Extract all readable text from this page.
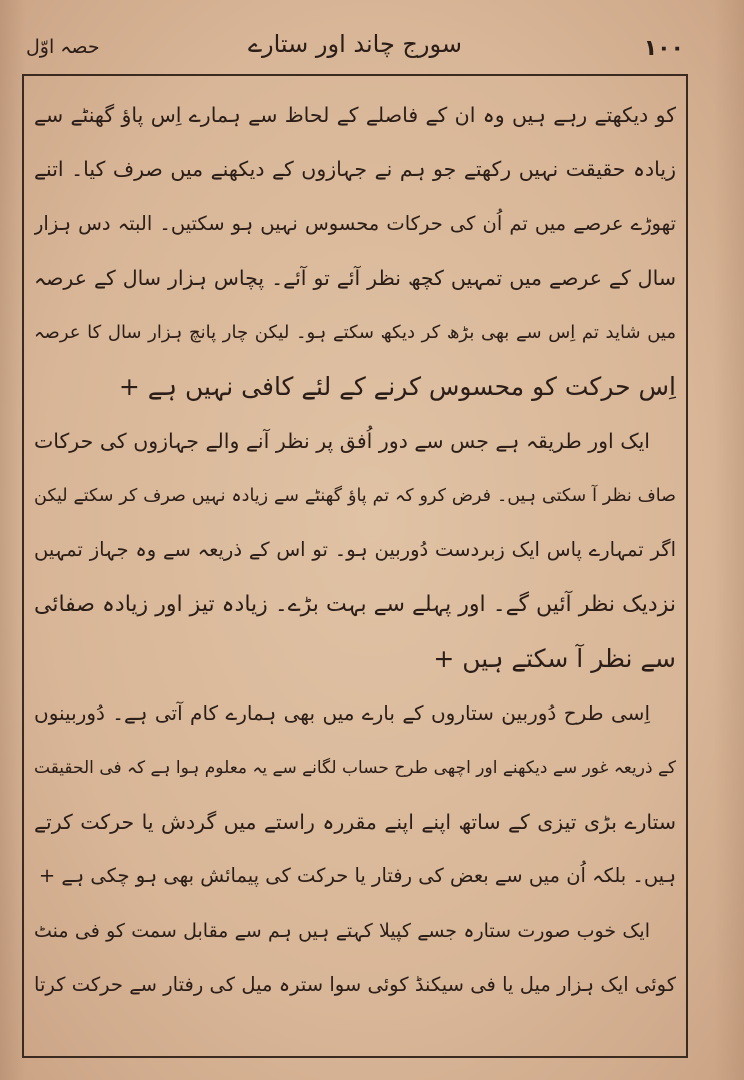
حصہ اوّل	سورج چاند اور ستارے	۱۰۰
کو دیکھتے رہے ہیں وہ ان کے فاصلے کے لحاظ سے ہمارے اِس پاؤ گھنٹے سے
زیادہ حقیقت نہیں رکھتے جو ہم نے جہازوں کے دیکھنے میں صرف کیا۔ اتنے
تھوڑے عرصے میں تم اُن کی حرکات محسوس نہیں ہو سکتیں۔ البتہ دس ہزار
سال کے عرصے میں تمہیں کچھ نظر آئے تو آئے۔ پچاس ہزار سال کے عرصہ
میں شاید تم اِس سے بھی بڑھ کر دیکھ سکتے ہو۔ لیکن چار پانچ ہزار سال کا عرصہ
اِس حرکت کو محسوس کرنے کے لئے کافی نہیں ہے +
ایک اور طریقہ ہے جس سے دور اُفق پر نظر آنے والے جہازوں کی حرکات
صاف نظر آ سکتی ہیں۔ فرض کرو کہ تم پاؤ گھنٹے سے زیادہ نہیں صرف کر سکتے لیکن
اگر تمہارے پاس ایک زبردست دُوربین ہو۔ تو اس کے ذریعہ سے وہ جہاز تمہیں
نزدیک نظر آئیں گے۔ اور پہلے سے بہت بڑے۔ زیادہ تیز اور زیادہ صفائی
سے نظر آ سکتے ہیں +
اِسی طرح دُوربین ستاروں کے بارے میں بھی ہمارے کام آتی ہے۔ دُوربینوں
کے ذریعہ غور سے دیکھنے اور اچھی طرح حساب لگانے سے یہ معلوم ہوا ہے کہ فی الحقیقت
ستارے بڑی تیزی کے ساتھ اپنے اپنے مقررہ راستے میں گردش یا حرکت کرتے
ہیں۔ بلکہ اُن میں سے بعض کی رفتار یا حرکت کی پیمائش بھی ہو چکی ہے +
ایک خوب صورت ستارہ جسے کپیلا کہتے ہیں ہم سے مقابل سمت کو فی منٹ
کوئی ایک ہزار میل یا فی سیکنڈ کوئی سوا سترہ میل کی رفتار سے حرکت کرتا
